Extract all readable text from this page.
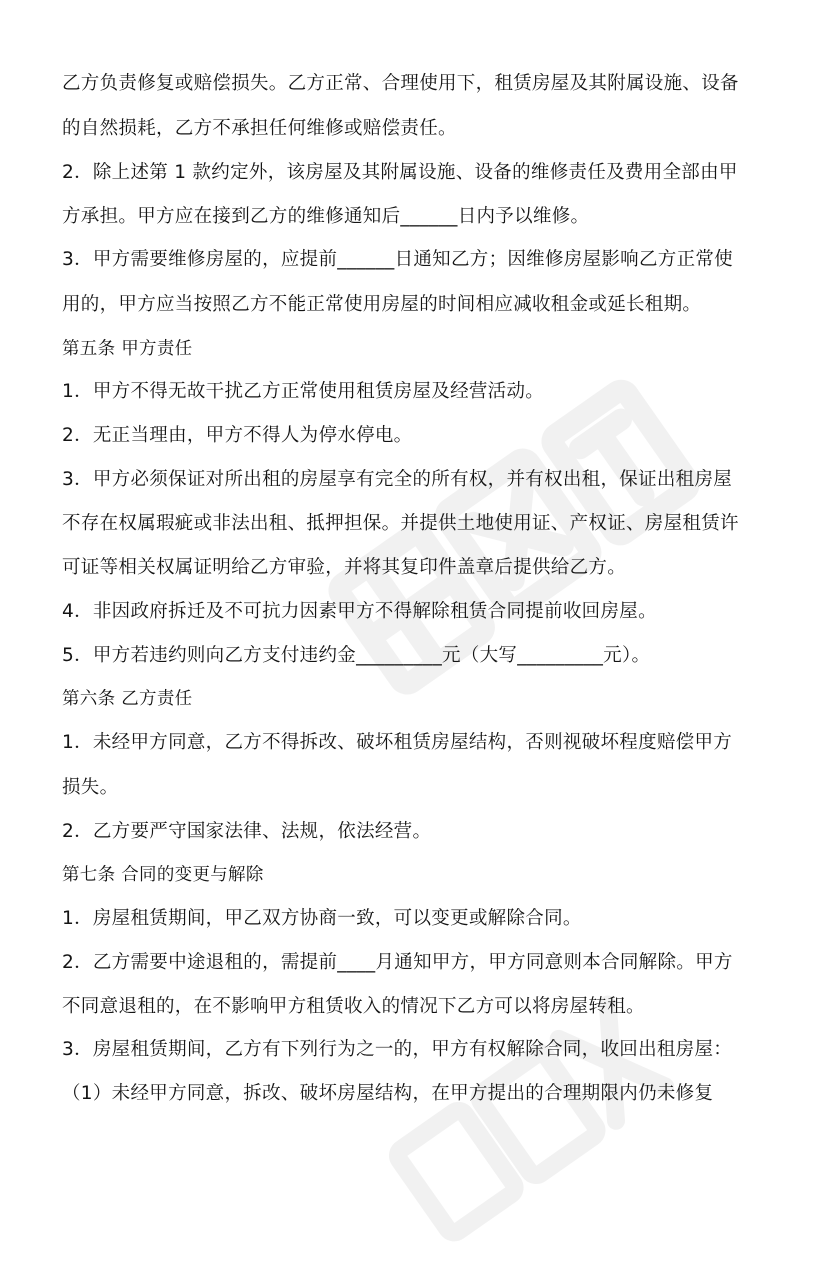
乙方负责修复或赔偿损失。乙方正常、合理使用下，租赁房屋及其附属设施、设备
的自然损耗，乙方不承担任何维修或赔偿责任。
2．除上述第 1 款约定外，该房屋及其附属设施、设备的维修责任及费用全部由甲
方承担。甲方应在接到乙方的维修通知后______日内予以维修。
3．甲方需要维修房屋的，应提前______日通知乙方；因维修房屋影响乙方正常使
用的，甲方应当按照乙方不能正常使用房屋的时间相应减收租金或延长租期。
第五条 甲方责任
1．甲方不得无故干扰乙方正常使用租赁房屋及经营活动。
2．无正当理由，甲方不得人为停水停电。
3．甲方必须保证对所出租的房屋享有完全的所有权，并有权出租，保证出租房屋
不存在权属瑕疵或非法出租、抵押担保。并提供土地使用证、产权证、房屋租赁许
可证等相关权属证明给乙方审验，并将其复印件盖章后提供给乙方。
4．非因政府拆迁及不可抗力因素甲方不得解除租赁合同提前收回房屋。
5．甲方若违约则向乙方支付违约金_________元（大写_________元）。
第六条 乙方责任
1．未经甲方同意，乙方不得拆改、破坏租赁房屋结构，否则视破坏程度赔偿甲方
损失。
2．乙方要严守国家法律、法规，依法经营。
第七条 合同的变更与解除
1．房屋租赁期间，甲乙双方协商一致，可以变更或解除合同。
2．乙方需要中途退租的，需提前____月通知甲方，甲方同意则本合同解除。甲方
不同意退租的，在不影响甲方租赁收入的情况下乙方可以将房屋转租。
3．房屋租赁期间，乙方有下列行为之一的，甲方有权解除合同，收回出租房屋：
（1）未经甲方同意，拆改、破坏房屋结构，在甲方提出的合理期限内仍未修复
